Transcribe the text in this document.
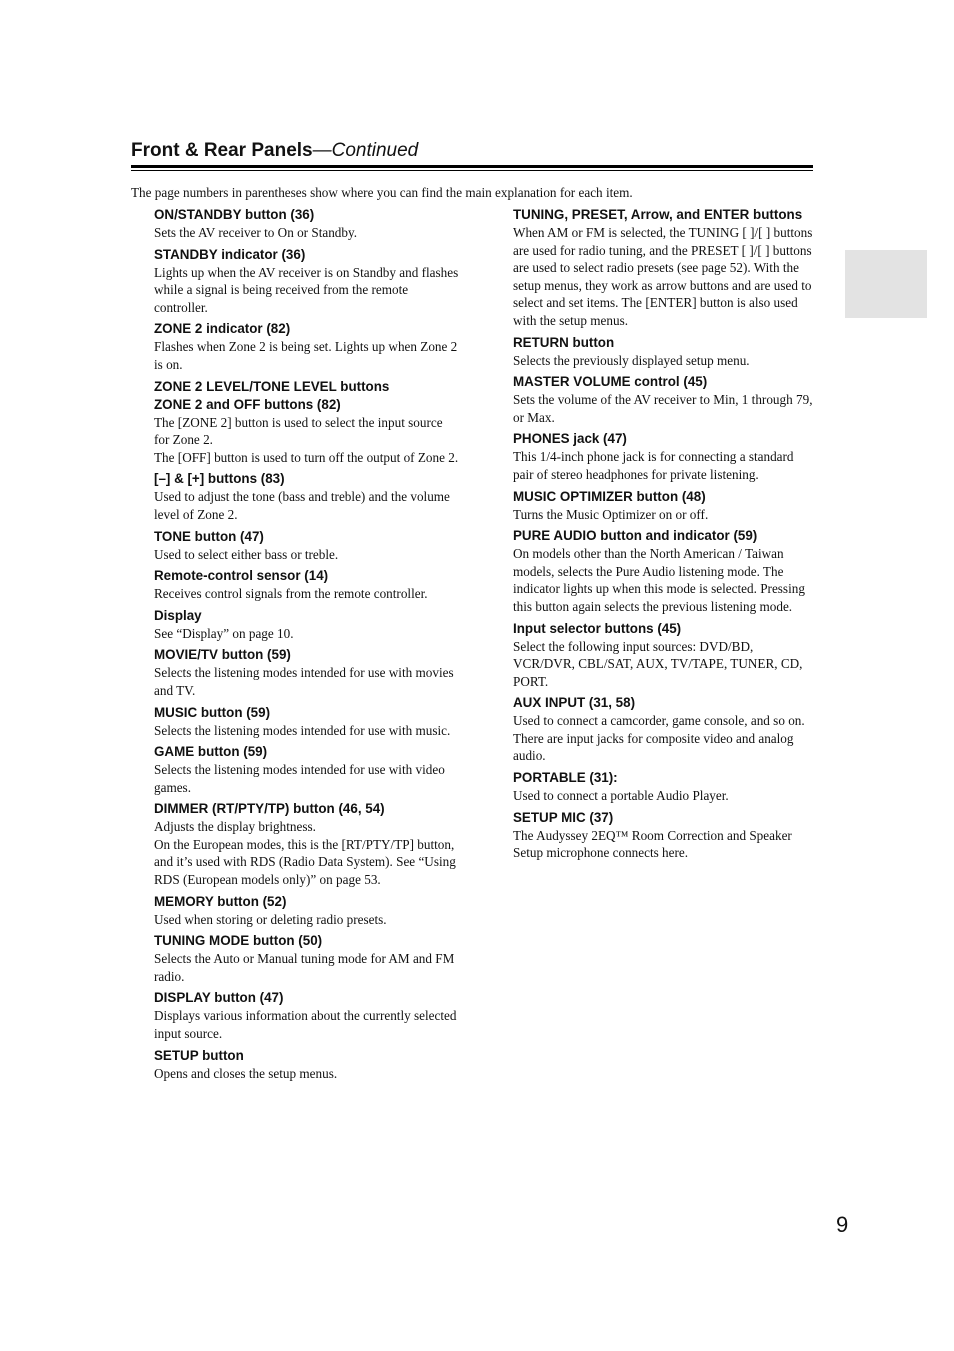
Front & Rear Panels—Continued
The page numbers in parentheses show where you can find the main explanation for each item.
ON/STANDBY button (36)
Sets the AV receiver to On or Standby.
STANDBY indicator (36)
Lights up when the AV receiver is on Standby and flashes while a signal is being received from the remote controller.
ZONE 2 indicator (82)
Flashes when Zone 2 is being set. Lights up when Zone 2 is on.
ZONE 2 LEVEL/TONE LEVEL buttons
ZONE 2 and OFF buttons (82)
The [ZONE 2] button is used to select the input source for Zone 2.
The [OFF] button is used to turn off the output of Zone 2.
[–] & [+] buttons (83)
Used to adjust the tone (bass and treble) and the volume level of Zone 2.
TONE button (47)
Used to select either bass or treble.
Remote-control sensor (14)
Receives control signals from the remote controller.
Display
See “Display” on page 10.
MOVIE/TV button (59)
Selects the listening modes intended for use with movies and TV.
MUSIC button (59)
Selects the listening modes intended for use with music.
GAME button (59)
Selects the listening modes intended for use with video games.
DIMMER (RT/PTY/TP) button (46, 54)
Adjusts the display brightness.
On the European modes, this is the [RT/PTY/TP] button, and it’s used with RDS (Radio Data System). See “Using RDS (European models only)” on page 53.
MEMORY button (52)
Used when storing or deleting radio presets.
TUNING MODE button (50)
Selects the Auto or Manual tuning mode for AM and FM radio.
DISPLAY button (47)
Displays various information about the currently selected input source.
SETUP button
Opens and closes the setup menus.
TUNING, PRESET, Arrow, and ENTER buttons
When AM or FM is selected, the TUNING [ ]/[ ] buttons are used for radio tuning, and the PRESET [ ]/[ ] buttons are used to select radio presets (see page 52). With the setup menus, they work as arrow buttons and are used to select and set items. The [ENTER] button is also used with the setup menus.
RETURN button
Selects the previously displayed setup menu.
MASTER VOLUME control (45)
Sets the volume of the AV receiver to Min, 1 through 79, or Max.
PHONES jack (47)
This 1/4-inch phone jack is for connecting a standard pair of stereo headphones for private listening.
MUSIC OPTIMIZER button (48)
Turns the Music Optimizer on or off.
PURE AUDIO button and indicator (59)
On models other than the North American / Taiwan models, selects the Pure Audio listening mode. The indicator lights up when this mode is selected. Pressing this button again selects the previous listening mode.
Input selector buttons (45)
Select the following input sources: DVD/BD, VCR/DVR, CBL/SAT, AUX, TV/TAPE, TUNER, CD, PORT.
AUX INPUT (31, 58)
Used to connect a camcorder, game console, and so on. There are input jacks for composite video and analog audio.
PORTABLE (31):
Used to connect a portable Audio Player.
SETUP MIC (37)
The Audyssey 2EQ™ Room Correction and Speaker Setup microphone connects here.
9
